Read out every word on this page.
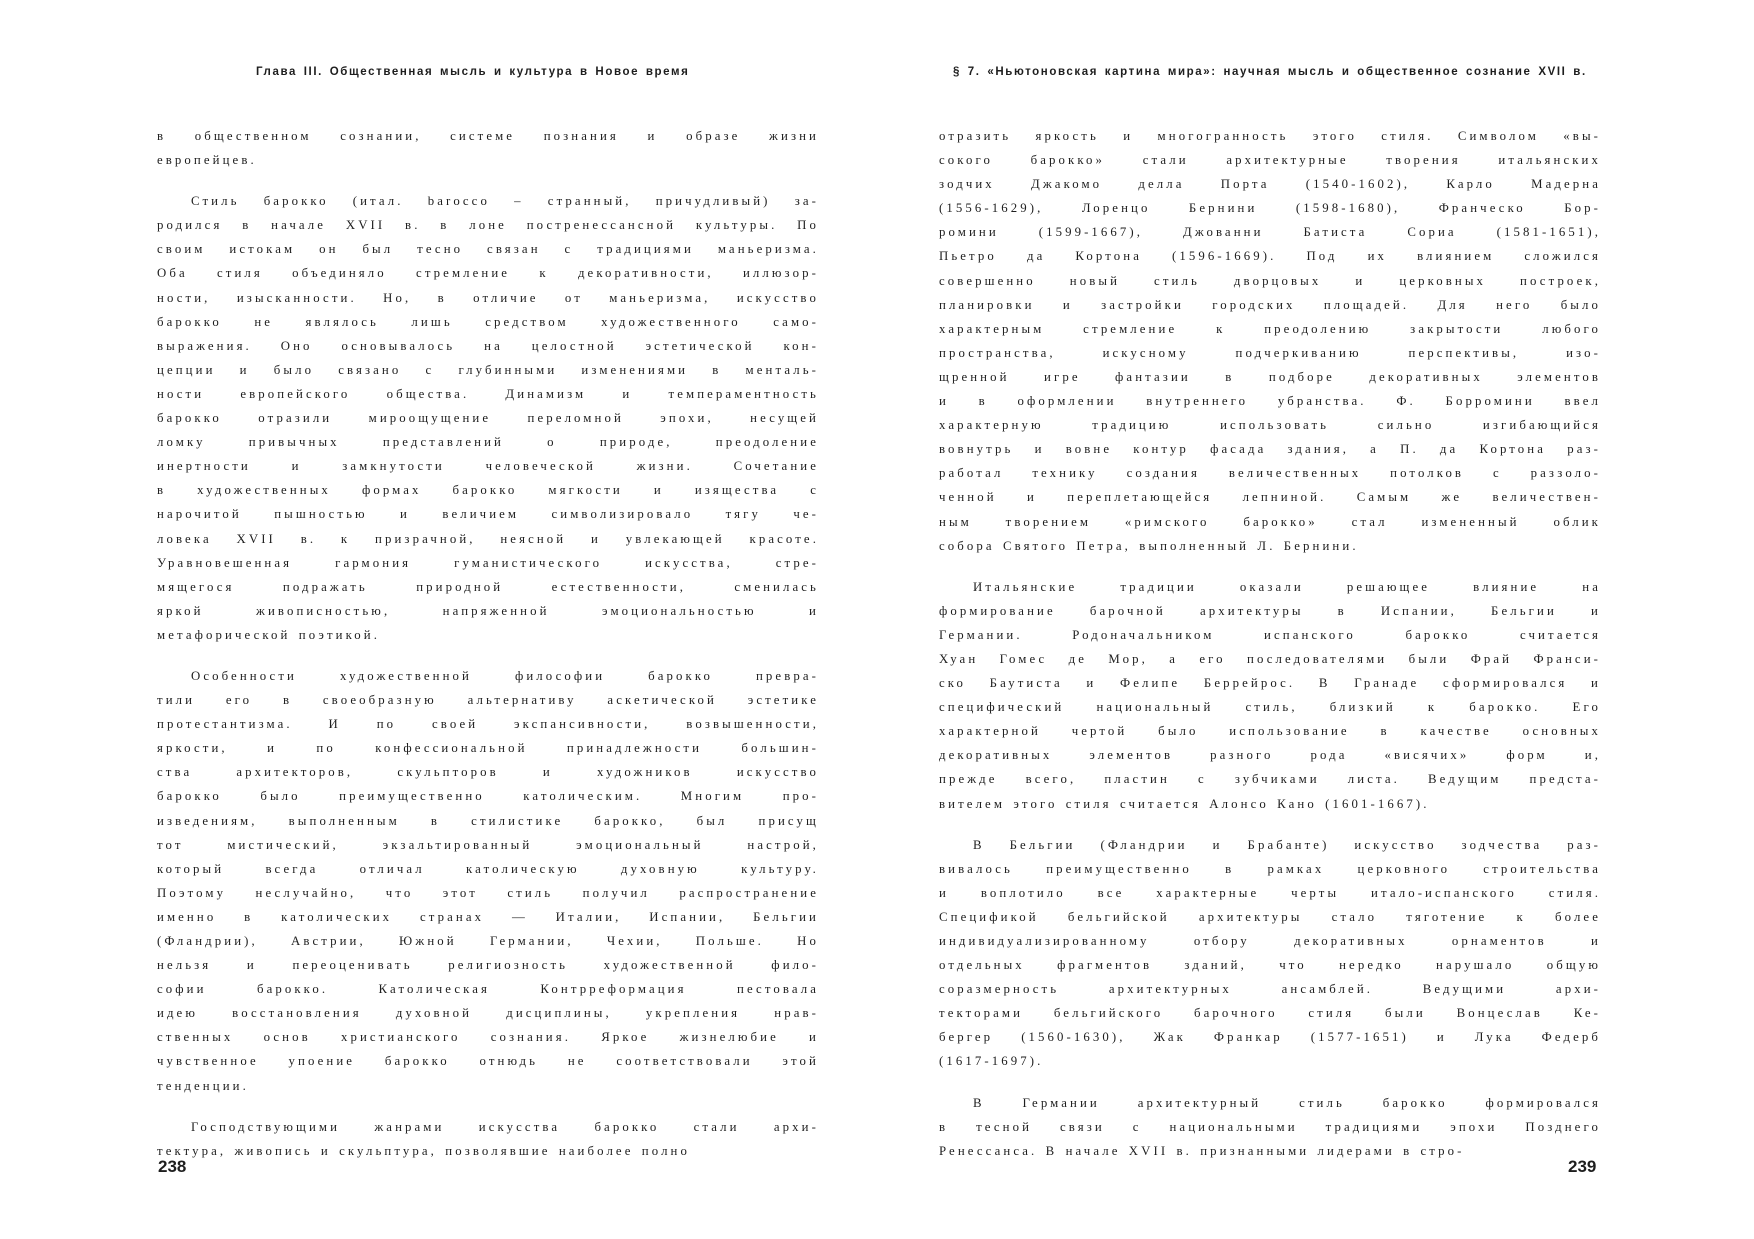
Глава III. Общественная мысль и культура в Новое время

в общественном сознании, системе познания и образе жизни
европейцев.
Стиль барокко (итал. barocco – странный, причудливый) за-
родился в начале XVII в. в лоне постренессансной культуры. По
своим истокам он был тесно связан с традициями маньеризма.
Оба стиля объединяло стремление к декоративности, иллюзор-
ности, изысканности. Но, в отличие от маньеризма, искусство
барокко не являлось лишь средством художественного само-
выражения. Оно основывалось на целостной эстетической кон-
цепции и было связано с глубинными изменениями в менталь-
ности европейского общества. Динамизм и темпераментность
барокко отразили мироощущение переломной эпохи, несущей
ломку привычных представлений о природе, преодоление
инертности и замкнутости человеческой жизни. Сочетание
в художественных формах барокко мягкости и изящества с
нарочитой пышностью и величием символизировало тягу че-
ловека XVII в. к призрачной, неясной и увлекающей красоте.
Уравновешенная гармония гуманистического искусства, стре-
мящегося подражать природной естественности, сменилась
яркой живописностью, напряженной эмоциональностью и
метафорической поэтикой.
Особенности художественной философии барокко превра-
тили его в своеобразную альтернативу аскетической эстетике
протестантизма. И по своей экспансивности, возвышенности,
яркости, и по конфессиональной принадлежности большин-
ства архитекторов, скульпторов и художников искусство
барокко было преимущественно католическим. Многим про-
изведениям, выполненным в стилистике барокко, был присущ
тот мистический, экзальтированный эмоциональный настрой,
который всегда отличал католическую духовную культуру.
Поэтому неслучайно, что этот стиль получил распространение
именно в католических странах — Италии, Испании, Бельгии
(Фландрии), Австрии, Южной Германии, Чехии, Польше. Но
нельзя и переоценивать религиозность художественной фило-
софии барокко. Католическая Контрреформация пестовала
идею восстановления духовной дисциплины, укрепления нрав-
ственных основ христианского сознания. Яркое жизнелюбие и
чувственное упоение барокко отнюдь не соответствовали этой
тенденции.
Господствующими жанрами искусства барокко стали архи-
тектура, живопись и скульптура, позволявшие наиболее полно

238

§ 7. «Ньютоновская картина мира»: научная мысль и общественное сознание XVII в.

отразить яркость и многогранность этого стиля. Символом «вы-
сокого барокко» стали архитектурные творения итальянских
зодчих Джакомо делла Порта (1540-1602), Карло Мадерна
(1556-1629), Лоренцо Бернини (1598-1680), Франческо Бор-
ромини (1599-1667), Джованни Батиста Сориа (1581-1651),
Пьетро да Кортона (1596-1669). Под их влиянием сложился
совершенно новый стиль дворцовых и церковных построек,
планировки и застройки городских площадей. Для него было
характерным стремление к преодолению закрытости любого
пространства, искусному подчеркиванию перспективы, изо-
щренной игре фантазии в подборе декоративных элементов
и в оформлении внутреннего убранства. Ф. Борромини ввел
характерную традицию использовать сильно изгибающийся
вовнутрь и вовне контур фасада здания, а П. да Кортона раз-
работал технику создания величественных потолков с раззоло-
ченной и переплетающейся лепниной. Самым же величествен-
ным творением «римского барокко» стал измененный облик
собора Святого Петра, выполненный Л. Бернини.
Итальянские традиции оказали решающее влияние на
формирование барочной архитектуры в Испании, Бельгии и
Германии. Родоначальником испанского барокко считается
Хуан Гомес де Мор, а его последователями были Фрай Франси-
ско Баутиста и Фелипе Беррейрос. В Гранаде сформировался и
специфический национальный стиль, близкий к барокко. Его
характерной чертой было использование в качестве основных
декоративных элементов разного рода «висячих» форм и,
прежде всего, пластин с зубчиками листа. Ведущим предста-
вителем этого стиля считается Алонсо Кано (1601-1667).
В Бельгии (Фландрии и Брабанте) искусство зодчества раз-
вивалось преимущественно в рамках церковного строительства
и воплотило все характерные черты итало-испанского стиля.
Спецификой бельгийской архитектуры стало тяготение к более
индивидуализированному отбору декоративных орнаментов и
отдельных фрагментов зданий, что нередко нарушало общую
соразмерность архитектурных ансамблей. Ведущими архи-
текторами бельгийского барочного стиля были Вонцеслав Ке-
бергер (1560-1630), Жак Франкар (1577-1651) и Лука Федерб
(1617-1697).
В Германии архитектурный стиль барокко формировался
в тесной связи с национальными традициями эпохи Позднего
Ренессанса. В начале XVII в. признанными лидерами в стро-

239
